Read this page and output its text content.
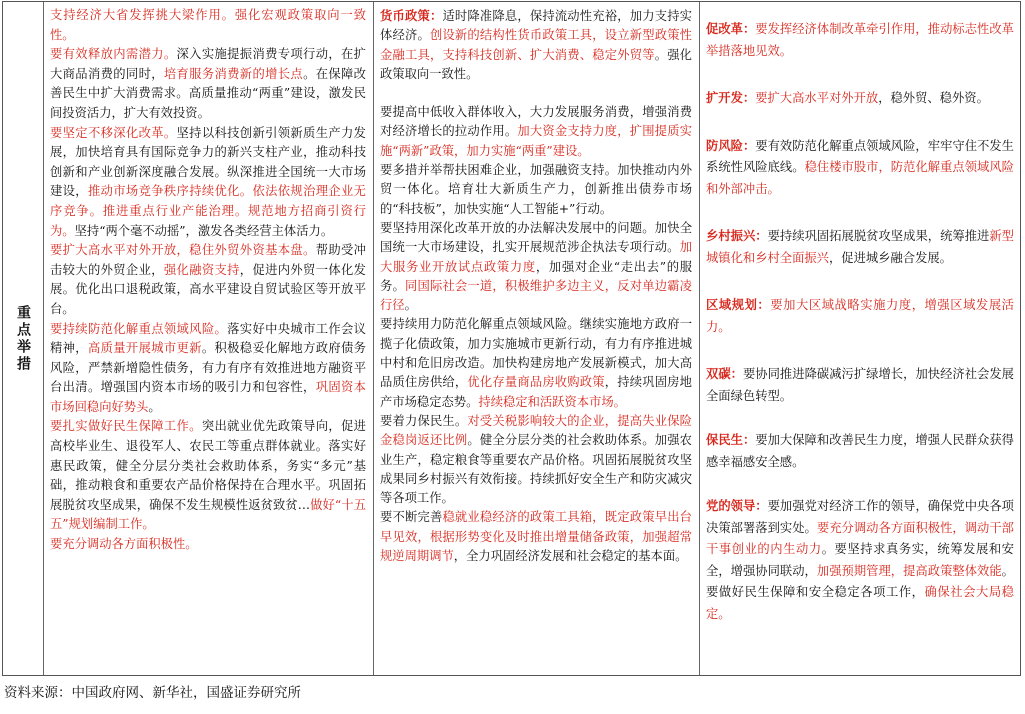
重点举措

支持经济大省发挥挑大梁作用。强化宏观政策取向一致性。

要有效释放内需潜力。深入实施提振消费专项行动，在扩大商品消费的同时，培育服务消费新的增长点。在保障改善民生中扩大消费需求。高质量推动“两重”建设，激发民间投资活力，扩大有效投资。

要坚定不移深化改革。坚持以科技创新引领新质生产力发展，加快培育具有国际竞争力的新兴支柱产业，推动科技创新和产业创新深度融合发展。纵深推进全国统一大市场建设，推动市场竞争秩序持续优化。依法依规治理企业无序竞争。推进重点行业产能治理。规范地方招商引资行为。坚持“两个毫不动摇”，激发各类经营主体活力。

要扩大高水平对外开放，稳住外贸外资基本盘。帮助受冲击较大的外贸企业，强化融资支持，促进内外贸一体化发展。优化出口退税政策，高水平建设自贸试验区等开放平台。

要持续防范化解重点领域风险。落实好中央城市工作会议精神，高质量开展城市更新。积极稳妥化解地方政府债务风险，严禁新增隐性债务，有力有序有效推进地方融资平台出清。增强国内资本市场的吸引力和包容性，巩固资本市场回稳向好势头。

要扎实做好民生保障工作。突出就业优先政策导向，促进高校毕业生、退役军人、农民工等重点群体就业。落实好惠民政策，健全分层分类社会救助体系，务实“多元”基础，推动粮食和重要农产品价格保持在合理水平。巩固拓展脱贫攻坚成果，确保不发生规模性返贫致贫…做好“十五五”规划编制工作。

要充分调动各方面积极性。

货币政策：适时降准降息，保持流动性充裕，加力支持实体经济。创设新的结构性货币政策工具，设立新型政策性金融工具，支持科技创新、扩大消费、稳定外贸等。强化政策取向一致性。

要提高中低收入群体收入，大力发展服务消费，增强消费对经济增长的拉动作用。加大资金支持力度，扩围提质实施“两新”政策，加力实施“两重”建设。

要多措并举帮扶困难企业，加强融资支持。加快推动内外贸一体化。培育壮大新质生产力，创新推出债券市场的“科技板”，加快实施“人工智能+”行动。

要坚持用深化改革开放的办法解决发展中的问题。加快全国统一大市场建设，扎实开展规范涉企执法专项行动。加大服务业开放试点政策力度，加强对企业“走出去”的服务。同国际社会一道，积极维护多边主义，反对单边霸凌行径。

要持续用力防范化解重点领域风险。继续实施地方政府一揽子化债政策，加力实施城市更新行动，有力有序推进城中村和危旧房改造。加快构建房地产发展新模式，加大高品质住房供给，优化存量商品房收购政策，持续巩固房地产市场稳定态势。持续稳定和活跃资本市场。

要着力保民生。对受关税影响较大的企业，提高失业保险金稳岗返还比例。健全分层分类的社会救助体系。加强农业生产，稳定粮食等重要农产品价格。巩固拓展脱贫攻坚成果同乡村振兴有效衔接。持续抓好安全生产和防灾减灾等各项工作。

要不断完善稳就业稳经济的政策工具箱，既定政策早出台早见效，根据形势变化及时推出增量储备政策，加强超常规逆周期调节，全力巩固经济发展和社会稳定的基本面。

促改革：要发挥经济体制改革牵引作用，推动标志性改革举措落地见效。

扩开发：要扩大高水平对外开放，稳外贸、稳外资。

防风险：要有效防范化解重点领域风险，牢牢守住不发生系统性风险底线。稳住楼市股市，防范化解重点领域风险和外部冲击。

乡村振兴：要持续巩固拓展脱贫攻坚成果，统筹推进新型城镇化和乡村全面振兴，促进城乡融合发展。

区域规划：要加大区域战略实施力度，增强区域发展活力。

双碳：要协同推进降碳减污扩绿增长，加快经济社会发展全面绿色转型。

保民生：要加大保障和改善民生力度，增强人民群众获得感幸福感安全感。

党的领导：要加强党对经济工作的领导，确保党中央各项决策部署落到实处。要充分调动各方面积极性，调动干部干事创业的内生动力。要坚持求真务实，统筹发展和安全，增强协同联动，加强预期管理，提高政策整体效能。要做好民生保障和安全稳定各项工作，确保社会大局稳定。

资料来源：中国政府网、新华社，国盛证券研究所
